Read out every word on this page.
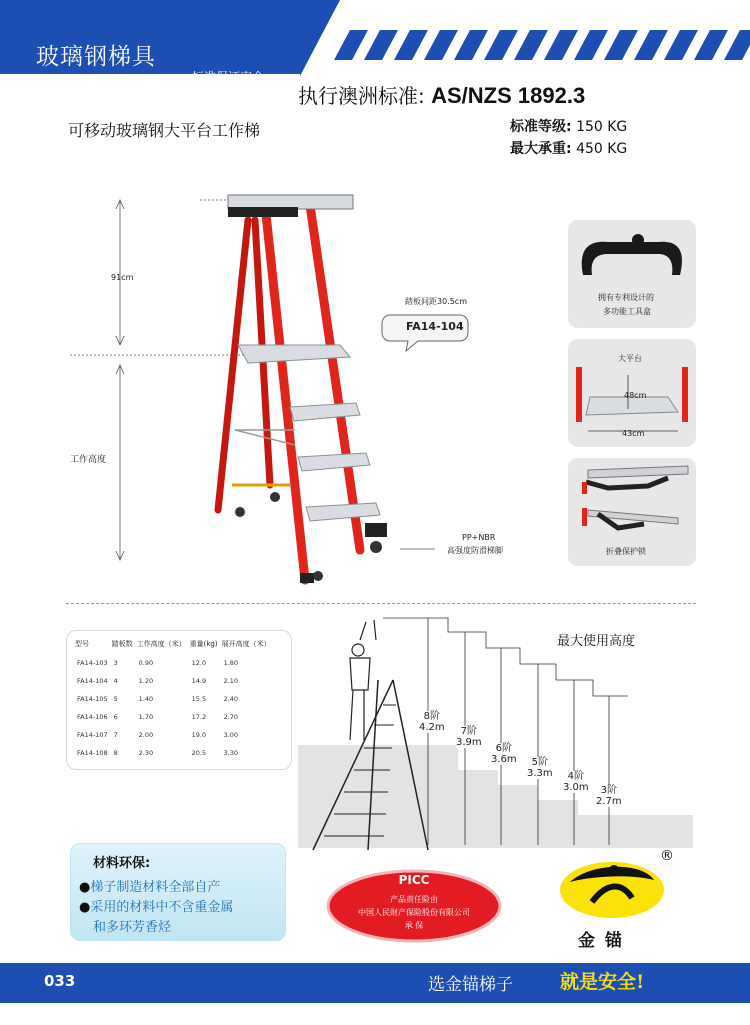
玻璃钢梯具
标准保证安全
执行澳洲标准: AS/NZS 1892.3
可移动玻璃钢大平台工作梯	标准等级: 150 KG
最大承重: 450 KG
91cm
工作高度
踏板间距30.5cm
FA14-104
PP+NBR
高强度防滑梯脚
拥有专利设计的
多功能工具盒
大平台
48cm
43cm
折叠保护锁
型号	踏板数	工作高度（米）	重量(kg)	展开高度（米）
FA14-103	3	0.90	12.0	1.80
FA14-104	4	1.20	14.9	2.10
FA14-105	5	1.40	15.5	2.40
FA14-106	6	1.70	17.2	2.70
FA14-107	7	2.00	19.0	3.00
FA14-108	8	2.30	20.5	3.30
最大使用高度
8阶
4.2m	7阶
3.9m
6阶
3.6m	5阶
3.3m	4阶
3.0m	3阶
2.7m
材料环保:
●梯子制造材料全部自产
●采用的材料中不含重金属
和多环芳香烃
PICC
产品责任险由
中国人民财产保险股份有限公司
承 保
®
金 锚
033	选金锚梯子 就是安全!
